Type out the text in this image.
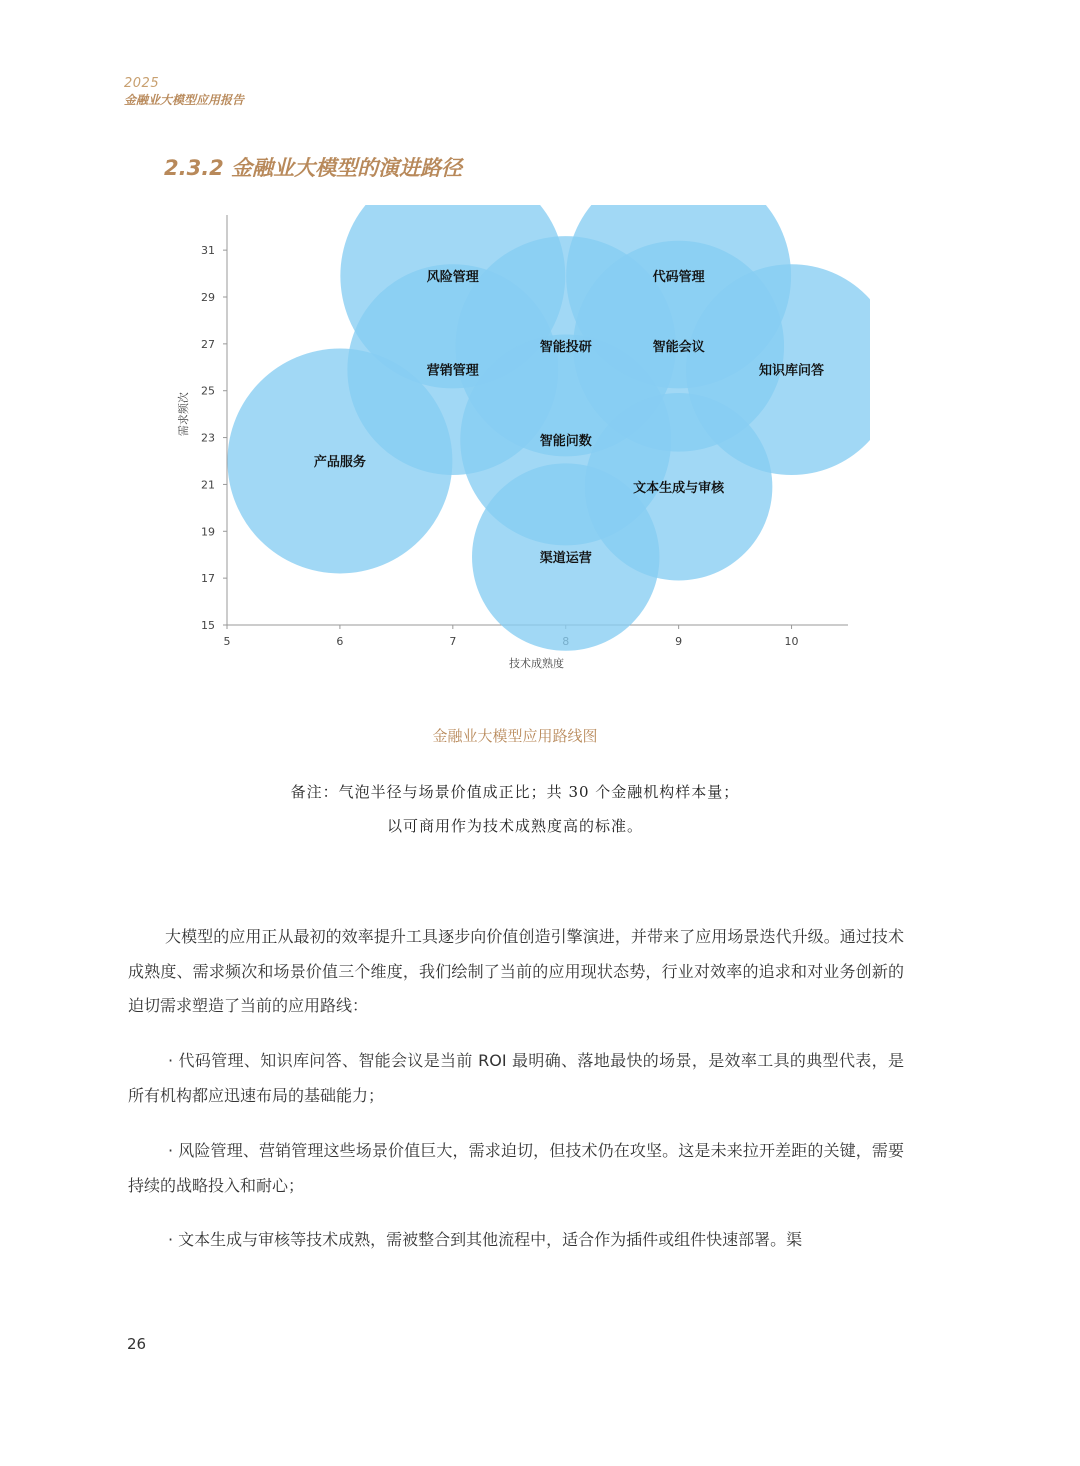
2025
金融业大模型应用报告
2.3.2 金融业大模型的演进路径
15
17
19
21
23
25
27
29
31
5	6	7	9	10
技术成熟度
需求频次
风险管理
营销管理
产品服务
智能投研
智能问数
渠道运营
代码管理
智能会议
文本生成与审核
知识库问答
金融业大模型应用路线图
备注：气泡半径与场景价值成正比；共 30 个金融机构样本量；
以可商用作为技术成熟度高的标准。

大模型的应用正从最初的效率提升工具逐步向价值创造引擎演进，并带来了应用场景迭代升级。通过技术成熟度、需求频次和场景价值三个维度，我们绘制了当前的应用现状态势，行业对效率的追求和对业务创新的迫切需求塑造了当前的应用路线：

· 代码管理、知识库问答、智能会议是当前 ROI 最明确、落地最快的场景，是效率工具的典型代表，是所有机构都应迅速布局的基础能力；

· 风险管理、营销管理这些场景价值巨大，需求迫切，但技术仍在攻坚。这是未来拉开差距的关键，需要持续的战略投入和耐心；

· 文本生成与审核等技术成熟，需被整合到其他流程中，适合作为插件或组件快速部署。渠

26
